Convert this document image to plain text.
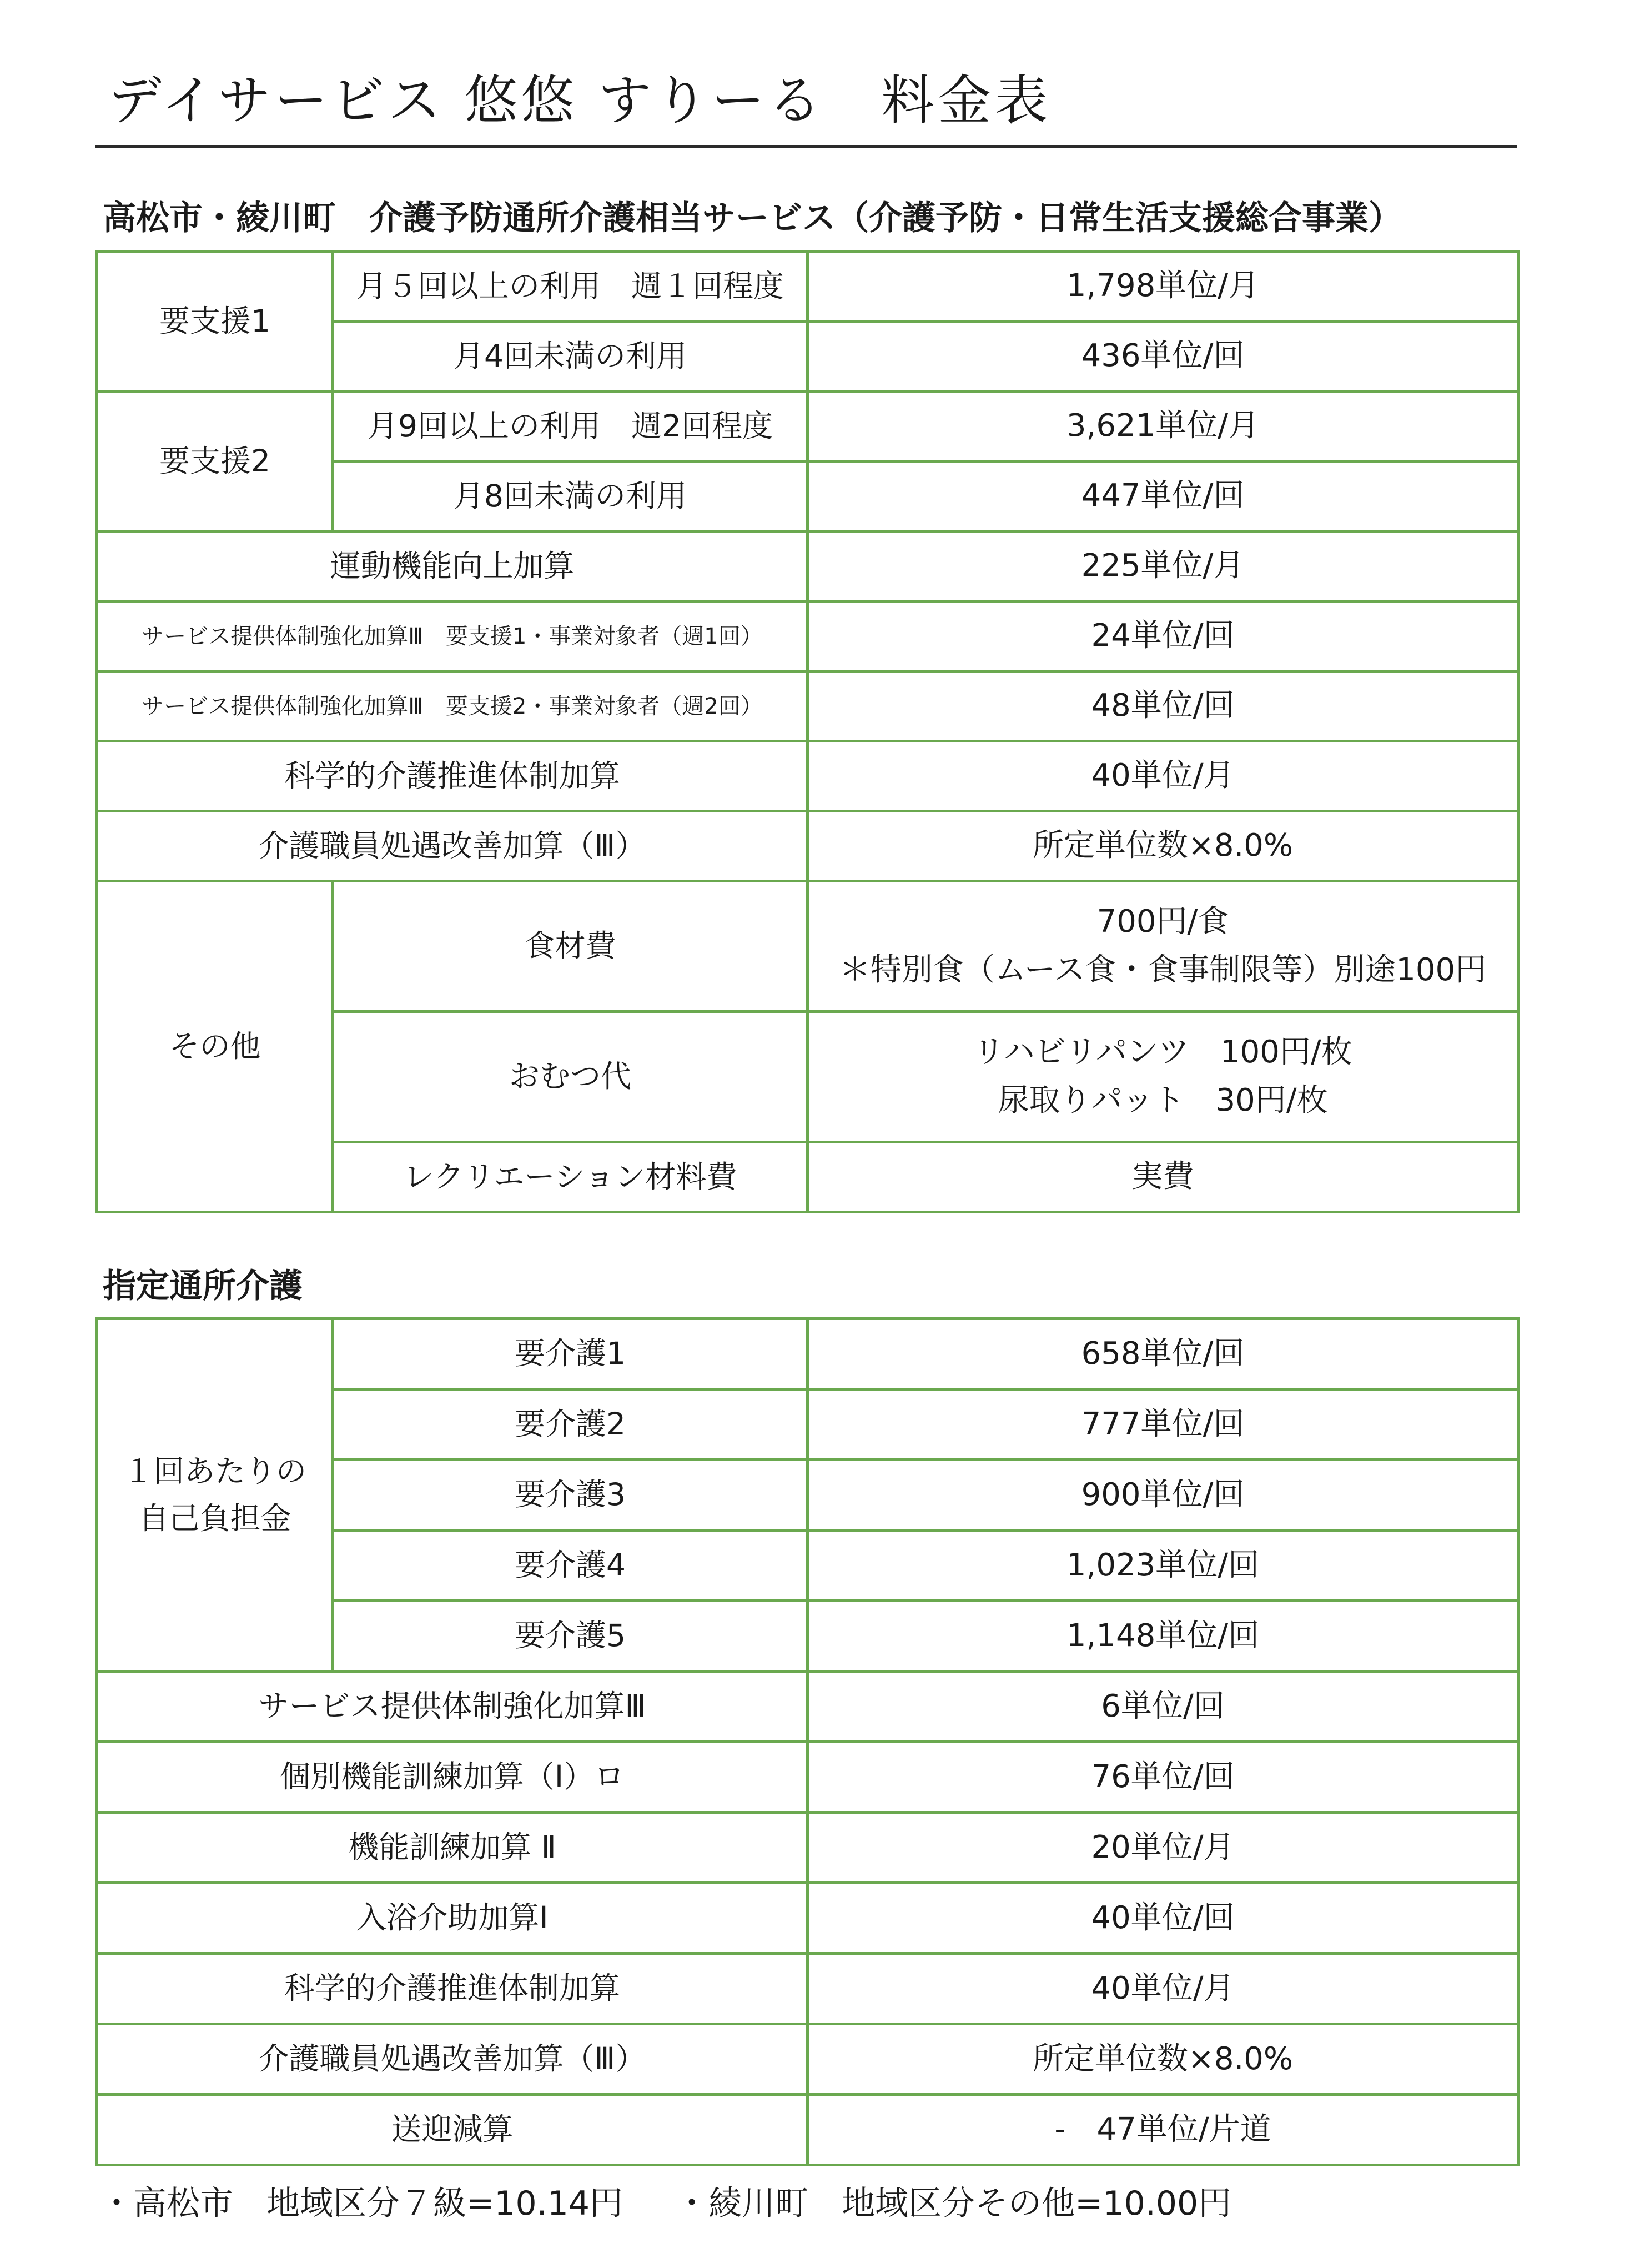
デイサービス 悠悠 すりーる　料金表
高松市・綾川町　介護予防通所介護相当サービス（介護予防・日常生活支援総合事業）
要支援1	月５回以上の利用　週１回程度	1,798単位/月
	月4回未満の利用	436単位/回
要支援2	月9回以上の利用　週2回程度	3,621単位/月
	月8回未満の利用	447単位/回
運動機能向上加算		225単位/月
サービス提供体制強化加算Ⅲ　要支援1・事業対象者（週1回）		24単位/回
サービス提供体制強化加算Ⅲ　要支援2・事業対象者（週2回）		48単位/回
科学的介護推進体制加算		40単位/月
介護職員処遇改善加算（Ⅲ）		所定単位数×8.0%
その他	食材費	700円/食
＊特別食（ムース食・食事制限等）別途100円

	おむつ代	リハビリパンツ　100円/枚
尿取りパット　30円/枚

	レクリエーション材料費	実費
指定通所介護
１回あたりの
自己負担金	要介護1	658単位/回
	要介護2	777単位/回
	要介護3	900単位/回
	要介護4	1,023単位/回
	要介護5	1,148単位/回
サービス提供体制強化加算Ⅲ		6単位/回
個別機能訓練加算（Ⅰ）ロ		76単位/回
機能訓練加算 Ⅱ		20単位/月
入浴介助加算Ⅰ		40単位/回
科学的介護推進体制加算		40単位/月
介護職員処遇改善加算（Ⅲ）		所定単位数×8.0%
送迎減算		-　47単位/片道
・高松市　地域区分７級=10.14円 ・綾川町　地域区分その他=10.00円
